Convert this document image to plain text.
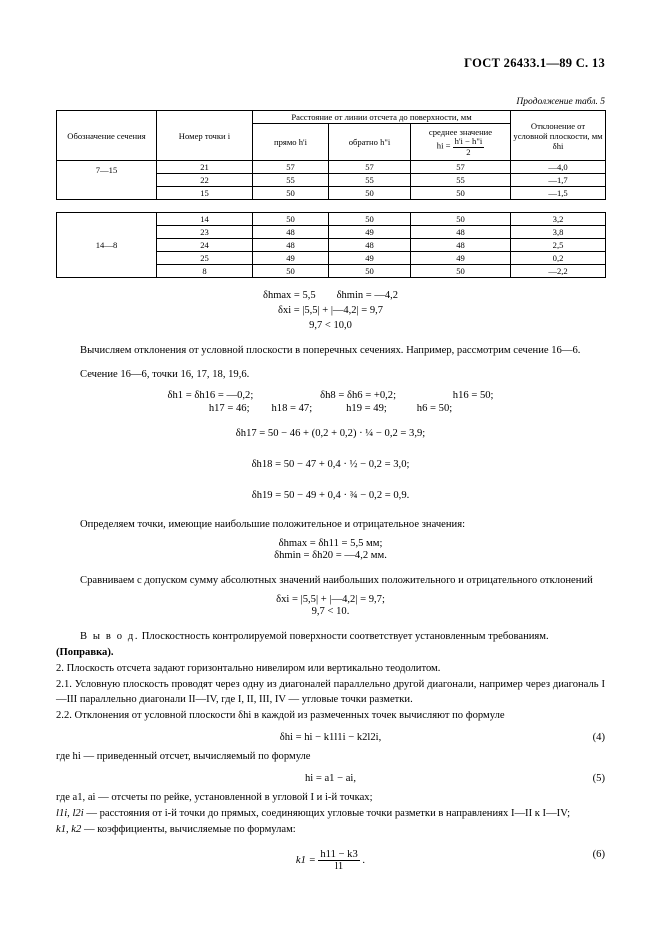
ГОСТ 26433.1—89 С. 13
Продолжение табл. 5
Обозначение сечения	Номер точки i	Расстояние от линии отсчета до поверхности, мм			Отклонение от условной плоскости, мм δhi
		прямо h'i	обратно h"i	среднее значение
hi = $\frac{h'i - h"i}{2}$

7—15	21	57	57	57	—4,0
	22	55	55	55	—1,7
	15	50	50	50	—1,5

14—8	14	50	50	50	3,2
	23	48	49	48	3,8
	24	48	48	48	2,5
	25	49	49	49	0,2
	8	50	50	50	—2,2
δhmax = 5,5 δhmin = —4,2
δxi = |5,5| + |—4,2| = 9,7
9,7 < 10,0

Вычисляем отклонения от условной плоскости в поперечных сечениях. Например, рассмотрим сечение 16—6.

Сечение 16—6, точки 16, 17, 18, 19,6.

δh1 = δh16 = —0,2;	δh8 = δh6 = +0,2;	h16 = 50;
h17 = 46; h18 = 47;	h19 = 49;	h6 = 50;
δh17 = 50 − 46 + (0,2 + 0,2) · ¼ − 0,2 = 3,9;
δh18 = 50 − 47 + 0,4 · ½ − 0,2 = 3,0;
δh19 = 50 − 49 + 0,4 · ¾ − 0,2 = 0,9.

Определяем точки, имеющие наибольшие положительное и отрицательное значения:

δhmax = δh11 = 5,5 мм;
δhmin = δh20 = —4,2 мм.

Сравниваем с допуском сумму абсолютных значений наибольших положительного и отрицательного отклонений

δxi = |5,5| + |—4,2| = 9,7;
9,7 < 10.

В ы в о д. Плоскостность контролируемой поверхности соответствует установленным требованиям.

(Поправка).

2. Плоскость отсчета задают горизонтально нивелиром или вертикально теодолитом.

2.1. Условную плоскость проводят через одну из диагоналей параллельно другой диагонали, например через диагональ I—III параллельно диагонали II—IV, где I, II, III, IV — угловые точки разметки.

2.2. Отклонения от условной плоскости δhi в каждой из размеченных точек вычисляют по формуле

δhi = hi − k1l1i − k2l2i,	(4)

где hi — приведенный отсчет, вычисляемый по формуле

hi = a1 − ai,	(5)

где a1, ai — отсчеты по рейке, установленной в угловой I и i-й точках;

l1i, l2i — расстояния от i-й точки до прямых, соединяющих угловые точки разметки в направлениях I—II к I—IV;

k1, k2 — коэффициенты, вычисляемые по формулам:

$k1 = \frac{h11 - k3}{l1}$ .
(6)
